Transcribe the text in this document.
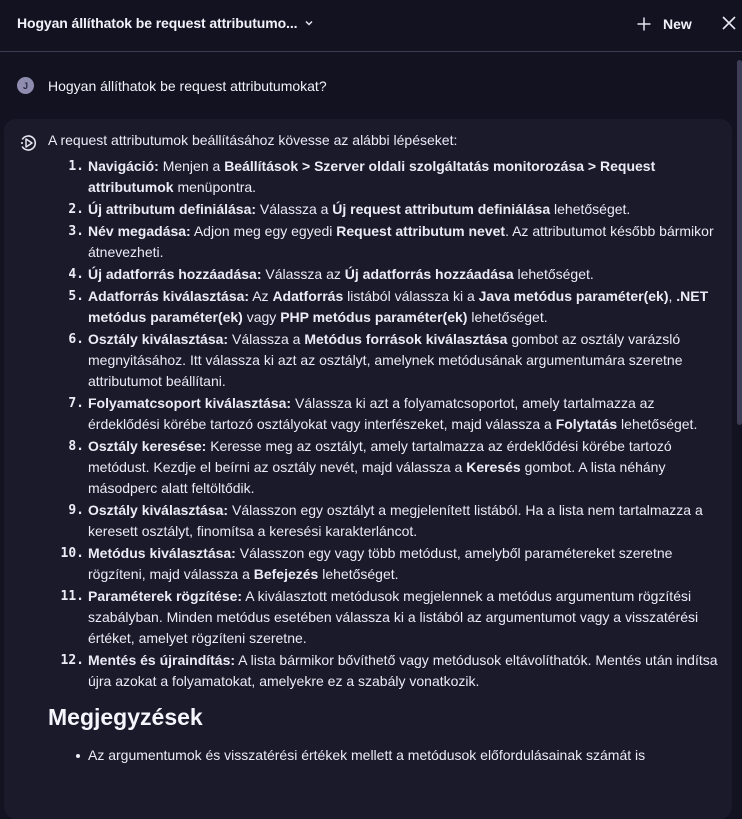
Hogyan állíthatok be request attributumo...	New
J	Hogyan állíthatok be request attributumokat?
A request attributumok beállításához kövesse az alábbi lépéseket:
1. Navigáció: Menjen a Beállítások > Szerver oldali szolgáltatás monitorozása > Request attributumok menüpontra.
2. Új attributum definiálása: Válassza a Új request attributum definiálása lehetőséget.
3. Név megadása: Adjon meg egy egyedi Request attributum nevet. Az attributumot később bármikor átnevezheti.
4. Új adatforrás hozzáadása: Válassza az Új adatforrás hozzáadása lehetőséget.
5. Adatforrás kiválasztása: Az Adatforrás listából válassza ki a Java metódus paraméter(ek), .NET metódus paraméter(ek) vagy PHP metódus paraméter(ek) lehetőséget.
6. Osztály kiválasztása: Válassza a Metódus források kiválasztása gombot az osztály varázsló megnyitásához. Itt válassza ki azt az osztályt, amelynek metódusának argumentumára szeretne attributumot beállítani.
7. Folyamatcsoport kiválasztása: Válassza ki azt a folyamatcsoportot, amely tartalmazza az érdeklődési körébe tartozó osztályokat vagy interfészeket, majd válassza a Folytatás lehetőséget.
8. Osztály keresése: Keresse meg az osztályt, amely tartalmazza az érdeklődési körébe tartozó metódust. Kezdje el beírni az osztály nevét, majd válassza a Keresés gombot. A lista néhány másodperc alatt feltöltődik.
9. Osztály kiválasztása: Válasszon egy osztályt a megjelenített listából. Ha a lista nem tartalmazza a keresett osztályt, finomítsa a keresési karakterláncot.
10. Metódus kiválasztása: Válasszon egy vagy több metódust, amelyből paramétereket szeretne rögzíteni, majd válassza a Befejezés lehetőséget.
11. Paraméterek rögzítése: A kiválasztott metódusok megjelennek a metódus argumentum rögzítési szabályban. Minden metódus esetében válassza ki a listából az argumentumot vagy a visszatérési értéket, amelyet rögzíteni szeretne.
12. Mentés és újraindítás: A lista bármikor bővíthető vagy metódusok eltávolíthatók. Mentés után indítsa újra azokat a folyamatokat, amelyekre ez a szabály vonatkozik.
Megjegyzések
Az argumentumok és visszatérési értékek mellett a metódusok előfordulásainak számát is
